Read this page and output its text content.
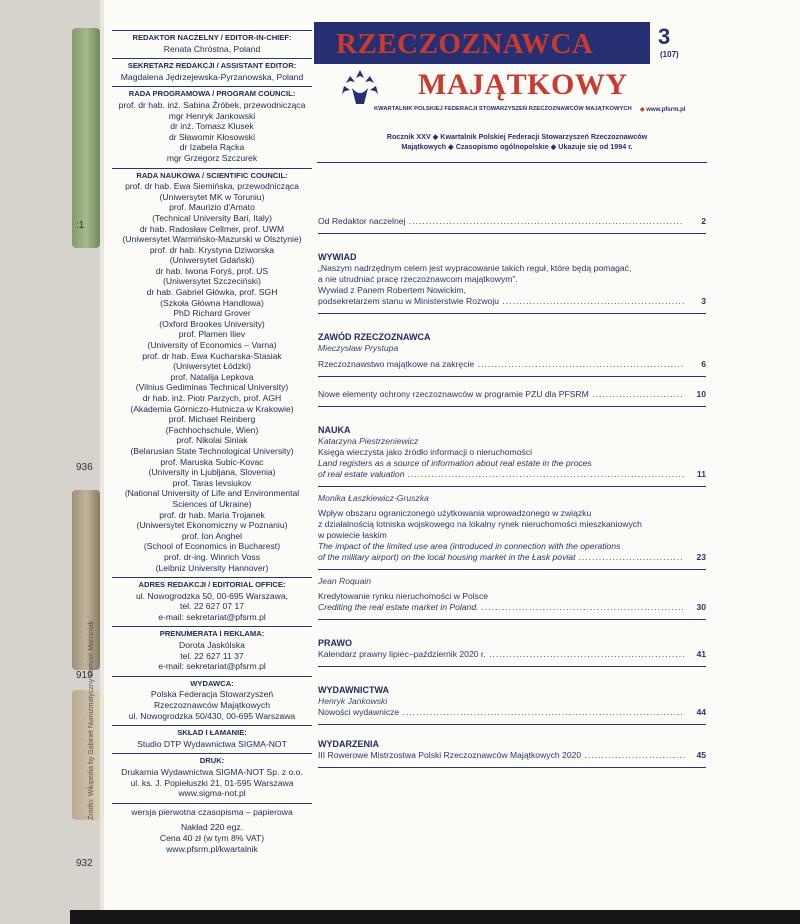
:1
936
919
932
Źródło: Wikipedia by Gabinet Numizmatyczny Damian Marciniak
REDAKTOR NACZELNY / EDITOR-IN-CHIEF:
Renata Chróstna, Poland
SEKRETARZ REDAKCJI / ASSISTANT EDITOR:
Magdalena Jędrzejewska-Pyrzanowska, Poland
RADA PROGRAMOWA / PROGRAM COUNCIL:
prof. dr hab. inż. Sabina Źróbek, przewodnicząca
mgr Henryk Jankowski
dr inż. Tomasz Klusek
dr Sławomir Kłosowski
dr Izabela Rącka
mgr Grzegorz Szczurek
RADA NAUKOWA / SCIENTIFIC COUNCIL:
prof. dr hab. Ewa Siemińska, przewodnicząca
(Uniwersytet MK w Toruniu)
prof. Maurizio d'Amato
(Technical University Bari, Italy)
dr hab. Radosław Cellmer, prof. UWM
(Uniwersytet Warmińsko-Mazurski w Olsztynie)
prof. dr hab. Krystyna Dziworska
(Uniwersytet Gdański)
dr hab. Iwona Foryś, prof. US
(Uniwersytet Szczeciński)
dr hab. Gabriel Główka, prof. SGH
(Szkoła Główna Handlowa)
PhD Richard Grover
(Oxford Brookes University)
prof. Plamen Iliev
(University of Economics – Varna)
prof. dr hab. Ewa Kucharska-Stasiak
(Uniwersytet Łódzki)
prof. Natalija Lepkova
(Vilnius Gediminas Technical University)
dr hab. inż. Piotr Parzych, prof. AGH
(Akademia Górniczo-Hutnicza w Krakowie)
prof. Michael Reinberg
(Fachhochschule, Wien)
prof. Nikolai Siniak
(Belarusian State Technological University)
prof. Maruska Subic-Kovac
(University in Ljubljana, Slovenia)
prof. Taras Ievsiukov
(National University of Life and Environmental
Sciences of Ukraine)
prof. dr hab. Maria Trojanek
(Uniwersytet Ekonomiczny w Poznaniu)
prof. Ion Anghel
(School of Economics in Bucharest)
prof. dr-ing. Winrich Voss
(Leibniz University Hannover)
ADRES REDAKCJI / EDITORIAL OFFICE:
ul. Nowogrodzka 50, 00-695 Warszawa,
tel. 22 627 07 17
e-mail: sekretariat@pfsrm.pl
PRENUMERATA I REKLAMA:
Dorota Jaskólska
tel. 22 627 11 37
e-mail: sekretariat@pfsrm.pl
WYDAWCA:
Polska Federacja Stowarzyszeń
Rzeczoznawców Majątkowych
ul. Nowogrodzka 50/430, 00-695 Warszawa
SKŁAD I ŁAMANIE:
Studio DTP Wydawnictwa SIGMA-NOT
DRUK:
Drukarnia Wydawnictwa SIGMA-NOT Sp. z o.o.
ul. ks. J. Popiełuszki 21, 01-595 Warszawa
www.sigma-not.pl
wersja pierwotna czasopisma – papierowa
Nakład 220 egz.
Cena 40 zł (w tym 8% VAT)
www.pfsrm.pl/kwartalnik
RZECZOZNAWCA	3
(107)
MAJĄTKOWY
KWARTALNIK POLSKIEJ FEDERACJI STOWARZYSZEŃ RZECZOZNAWCÓW MAJĄTKOWYCH ◆ www.pfsrm.pl
Rocznik XXV ◆ Kwartalnik Polskiej Federacji Stowarzyszeń Rzeczoznawców
Majątkowych ◆ Czasopismo ogólnopolskie ◆ Ukazuje się od 1994 r.
Od Redaktor naczelnej .....	2
WYWIAD
„Naszym nadrzędnym celem jest wypracowanie takich reguł, które będą pomagać,
a nie utrudniać pracę rzeczoznawcom majątkowym”.
Wywiad z Panem Robertem Nowickim,
podsekretarzem stanu w Ministerstwie Rozwoju .....	3
ZAWÓD RZECZOZNAWCA
Mieczysław Prystupa
Rzeczoznawstwo majątkowe na zakręcie .....	6
Nowe elementy ochrony rzeczoznawców w programie PZU dla PFSRM .....	10
NAUKA
Katarzyna Piestrzeniewicz
Księga wieczysta jako źródło informacji o nieruchomości
Land registers as a source of information about real estate in the proces
of real estate valuation .....	11
Monika Łaszkiewicz-Gruszka
Wpływ obszaru ograniczonego użytkowania wprowadzonego w związku
z działalnością lotniska wojskowego na lokalny rynek nieruchomości mieszkaniowych
w powiecie łaskim
The impact of the limited use area (introduced in connection with the operations
of the military airport) on the local housing market in the Łask poviat .....	23
Jean Roquain
Kredytowanie rynku nieruchomości w Polsce
Crediting the real estate market in Poland. .....	30
PRAWO
Kalendarz prawny lipiec–październik 2020 r. .....	41
WYDAWNICTWA
Henryk Jankowski
Nowości wydawnicze .....	44
WYDARZENIA
III Rowerowe Mistrzostwa Polski Rzeczoznawców Majątkowych 2020 .....	45
